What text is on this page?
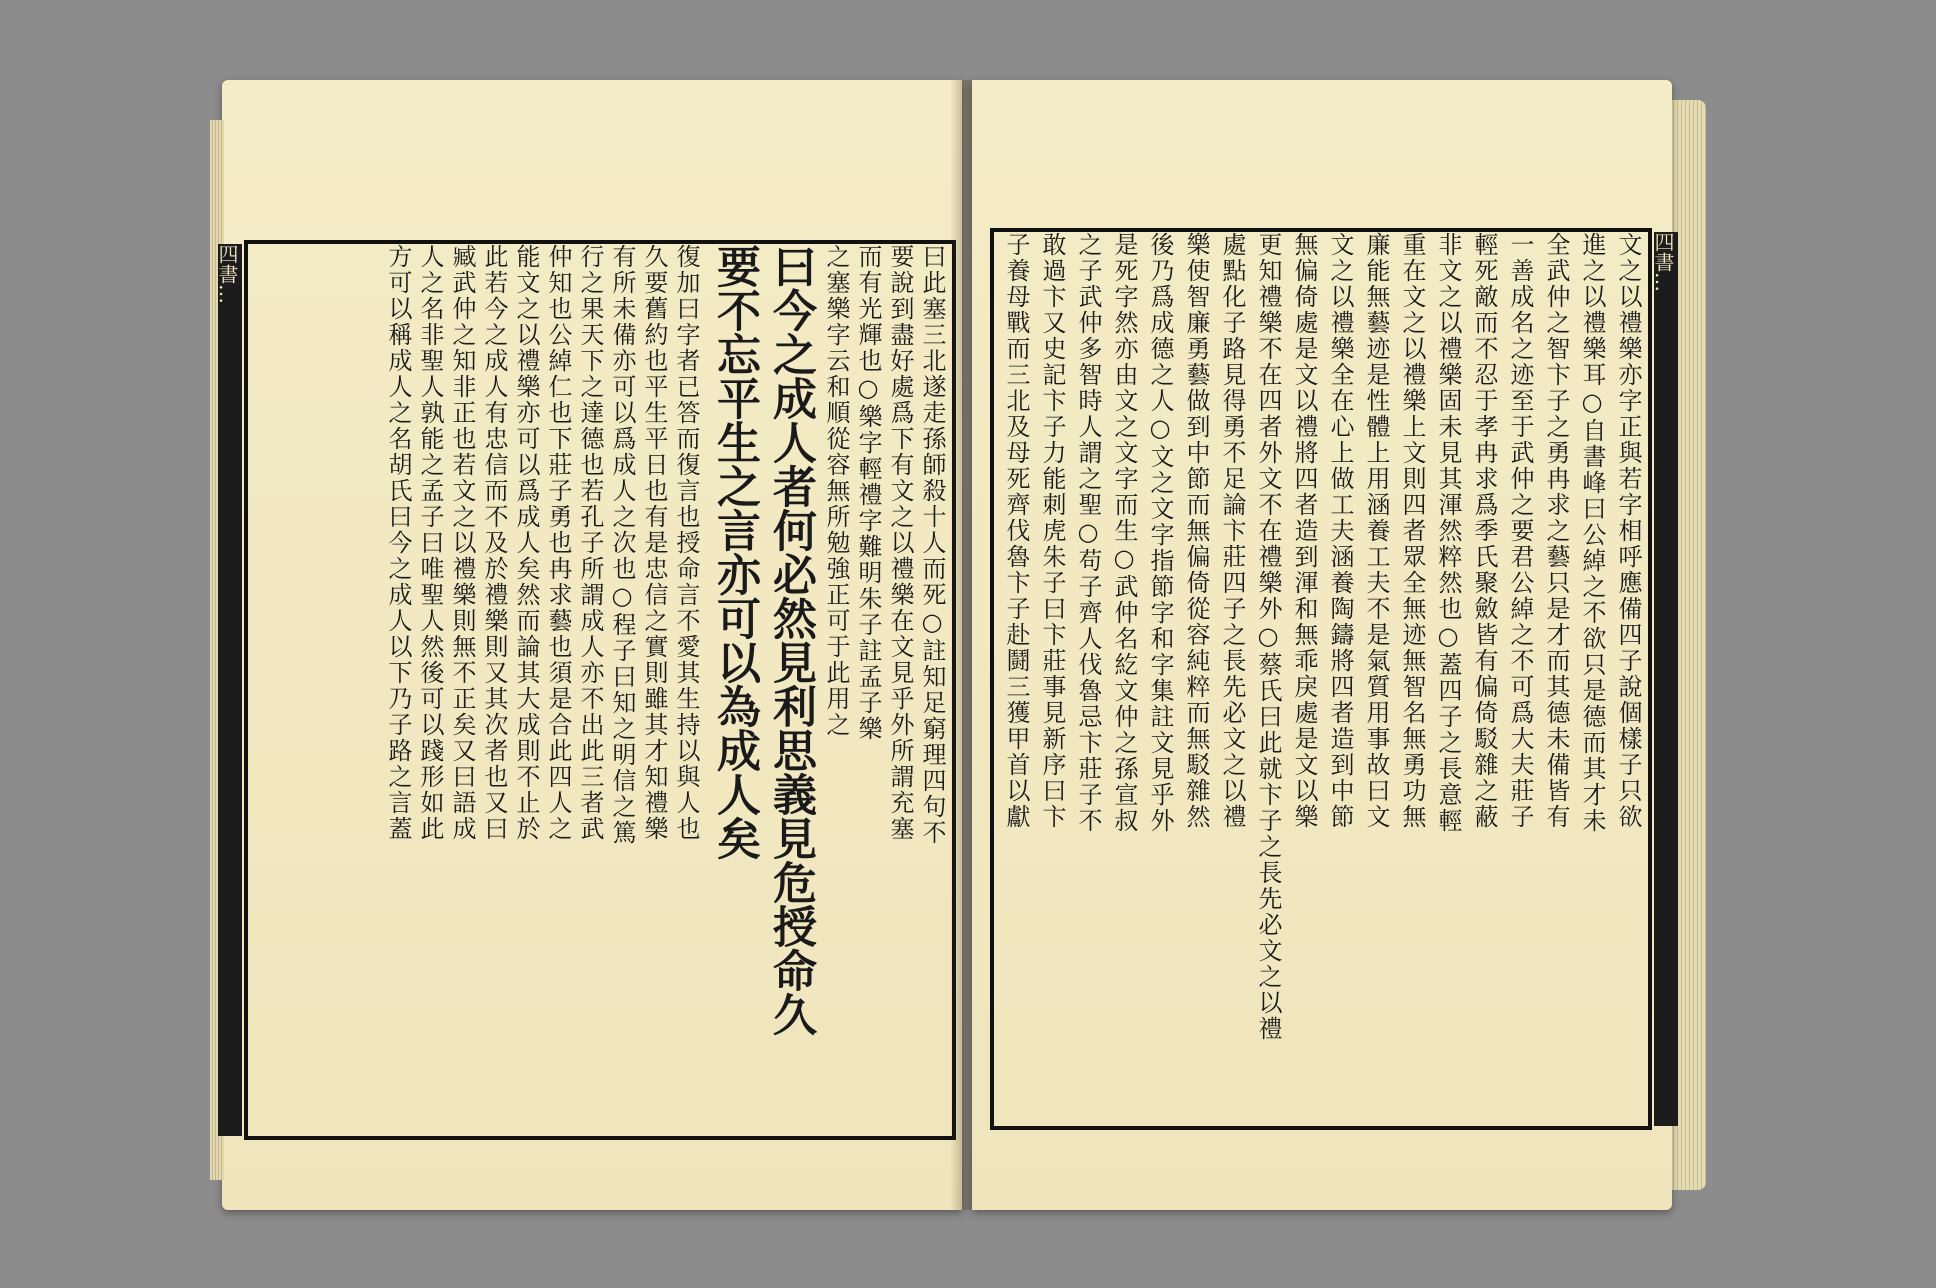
四書…	曰此塞三北遂走孫師殺十人而死○註知足窮理四句不
要說到盡好處爲下有文之以禮樂在文見乎外所謂充塞
而有光輝也○樂字輕禮字難明朱子註孟子樂
之塞樂字云和順從容無所勉強正可于此用之
曰今之成人者何必然見利思義見危授命久
要不忘平生之言亦可以為成人矣
復加曰字者已答而復言也授命言不愛其生持以與人也
久要舊約也平生平日也有是忠信之實則雖其才知禮樂
有所未備亦可以爲成人之次也○程子曰知之明信之篤
行之果天下之達德也若孔子所謂成人亦不出此三者武
仲知也公綽仁也下莊子勇也冉求藝也須是合此四人之
能文之以禮樂亦可以爲成人矣然而論其大成則不止於
此若今之成人有忠信而不及於禮樂則又其次者也又曰
臧武仲之知非正也若文之以禮樂則無不正矣又曰語成
人之名非聖人孰能之孟子曰唯聖人然後可以踐形如此
方可以稱成人之名胡氏曰今之成人以下乃子路之言蓋	四書…
文之以禮樂亦字正與若字相呼應備四子說個樣子只欲
進之以禮樂耳○自書峰曰公綽之不欲只是德而其才未
全武仲之智卞子之勇冉求之藝只是才而其德未備皆有
一善成名之迹至于武仲之要君公綽之不可爲大夫莊子
輕死敵而不忍于孝冉求爲季氏聚斂皆有偏倚駁雜之蔽
非文之以禮樂固未見其渾然粹然也○蓋四子之長意輕
重在文之以禮樂上文則四者眾全無迹無智名無勇功無
廉能無藝迹是性體上用涵養工夫不是氣質用事故曰文
文之以禮樂全在心上做工夫涵養陶鑄將四者造到中節
無偏倚處是文以禮將四者造到渾和無乖戾處是文以樂
更知禮樂不在四者外文不在禮樂外○蔡氏曰此就卞子之長先必文之以禮
處點化子路見得勇不足論卞莊四子之長先必文之以禮
樂使智廉勇藝做到中節而無偏倚從容純粹而無駁雜然
後乃爲成德之人○文之文字指節字和字集註文見乎外
是死字然亦由文之文字而生○武仲名紇文仲之孫宣叔
之子武仲多智時人謂之聖○苟子齊人伐魯忌卞莊子不
敢過卞又史記卞子力能刺虎朱子曰卞莊事見新序曰卞
子養母戰而三北及母死齊伐魯卞子赴鬪三獲甲首以獻
